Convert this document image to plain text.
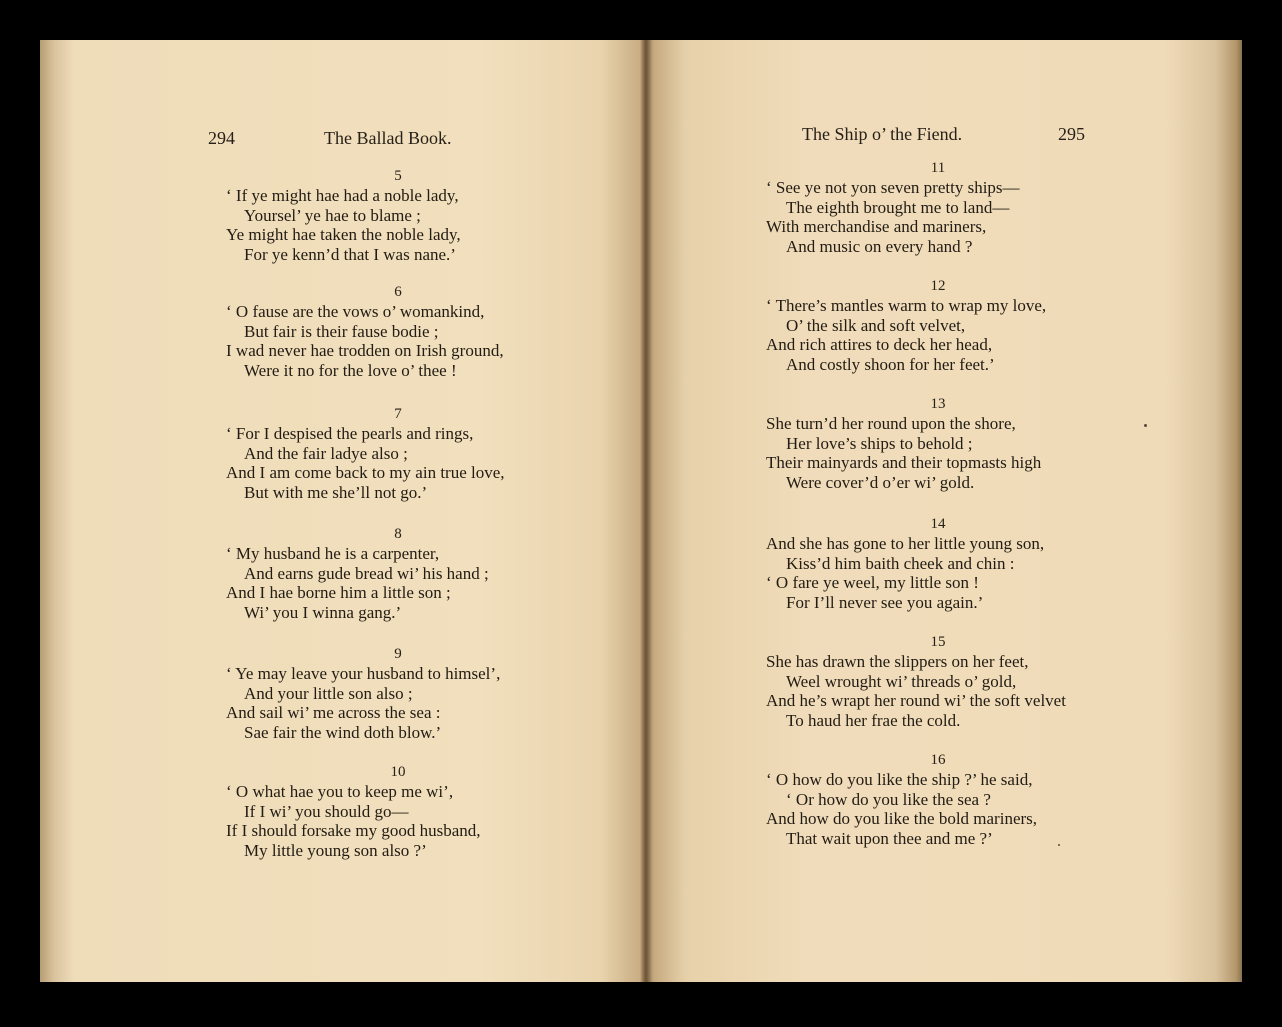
294	The Ballad Book.
5
‘ If ye might hae had a noble lady,
Yoursel’ ye hae to blame ;
Ye might hae taken the noble lady,
For ye kenn’d that I was nane.’
6
‘ O fause are the vows o’ womankind,
But fair is their fause bodie ;
I wad never hae trodden on Irish ground,
Were it no for the love o’ thee !
7
‘ For I despised the pearls and rings,
And the fair ladye also ;
And I am come back to my ain true love,
But with me she’ll not go.’
8
‘ My husband he is a carpenter,
And earns gude bread wi’ his hand ;
And I hae borne him a little son ;
Wi’ you I winna gang.’
9
‘ Ye may leave your husband to himsel’,
And your little son also ;
And sail wi’ me across the sea :
Sae fair the wind doth blow.’
10
‘ O what hae you to keep me wi’,
If I wi’ you should go—
If I should forsake my good husband,
My little young son also ?’
The Ship o’ the Fiend.	295
11
‘ See ye not yon seven pretty ships—
The eighth brought me to land—
With merchandise and mariners,
And music on every hand ?
12
‘ There’s mantles warm to wrap my love,
O’ the silk and soft velvet,
And rich attires to deck her head,
And costly shoon for her feet.’
13
She turn’d her round upon the shore,
Her love’s ships to behold ;
Their mainyards and their topmasts high
Were cover’d o’er wi’ gold.
14
And she has gone to her little young son,
Kiss’d him baith cheek and chin :
‘ O fare ye weel, my little son !
For I’ll never see you again.’
15
She has drawn the slippers on her feet,
Weel wrought wi’ threads o’ gold,
And he’s wrapt her round wi’ the soft velvet
To haud her frae the cold.
16
‘ O how do you like the ship ?’ he said,
‘ Or how do you like the sea ?
And how do you like the bold mariners,
That wait upon thee and me ?’
